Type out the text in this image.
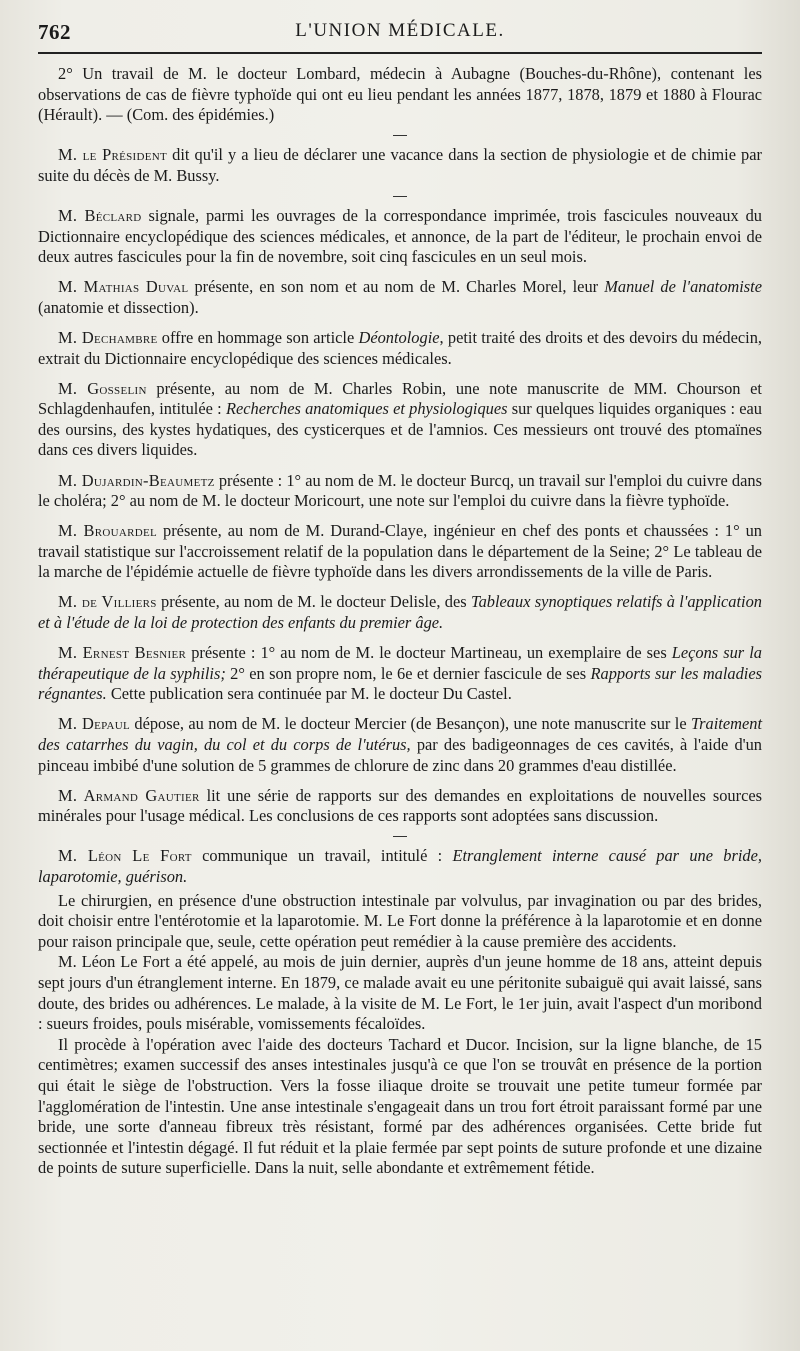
762	L'UNION MÉDICALE.

2° Un travail de M. le docteur Lombard, médecin à Aubagne (Bouches-du-Rhône), contenant les observations de cas de fièvre typhoïde qui ont eu lieu pendant les années 1877, 1878, 1879 et 1880 à Flourac (Hérault). — (Com. des épidémies.)

M. le Président dit qu'il y a lieu de déclarer une vacance dans la section de physiologie et de chimie par suite du décès de M. Bussy.

M. Béclard signale, parmi les ouvrages de la correspondance imprimée, trois fascicules nouveaux du Dictionnaire encyclopédique des sciences médicales, et annonce, de la part de l'éditeur, le prochain envoi de deux autres fascicules pour la fin de novembre, soit cinq fascicules en un seul mois.

M. Mathias Duval présente, en son nom et au nom de M. Charles Morel, leur Manuel de l'anatomiste (anatomie et dissection).

M. Dechambre offre en hommage son article Déontologie, petit traité des droits et des devoirs du médecin, extrait du Dictionnaire encyclopédique des sciences médicales.

M. Gosselin présente, au nom de M. Charles Robin, une note manuscrite de MM. Chourson et Schlagdenhaufen, intitulée : Recherches anatomiques et physiologiques sur quelques liquides organiques : eau des oursins, des kystes hydatiques, des cysticerques et de l'amnios. Ces messieurs ont trouvé des ptomaïnes dans ces divers liquides.

M. Dujardin-Beaumetz présente : 1° au nom de M. le docteur Burcq, un travail sur l'emploi du cuivre dans le choléra; 2° au nom de M. le docteur Moricourt, une note sur l'emploi du cuivre dans la fièvre typhoïde.

M. Brouardel présente, au nom de M. Durand-Claye, ingénieur en chef des ponts et chaussées : 1° un travail statistique sur l'accroissement relatif de la population dans le département de la Seine; 2° Le tableau de la marche de l'épidémie actuelle de fièvre typhoïde dans les divers arrondissements de la ville de Paris.

M. de Villiers présente, au nom de M. le docteur Delisle, des Tableaux synoptiques relatifs à l'application et à l'étude de la loi de protection des enfants du premier âge.

M. Ernest Besnier présente : 1° au nom de M. le docteur Martineau, un exemplaire de ses Leçons sur la thérapeutique de la syphilis; 2° en son propre nom, le 6e et dernier fascicule de ses Rapports sur les maladies régnantes. Cette publication sera continuée par M. le docteur Du Castel.

M. Depaul dépose, au nom de M. le docteur Mercier (de Besançon), une note manuscrite sur le Traitement des catarrhes du vagin, du col et du corps de l'utérus, par des badigeonnages de ces cavités, à l'aide d'un pinceau imbibé d'une solution de 5 grammes de chlorure de zinc dans 20 grammes d'eau distillée.

M. Armand Gautier lit une série de rapports sur des demandes en exploitations de nouvelles sources minérales pour l'usage médical. Les conclusions de ces rapports sont adoptées sans discussion.

M. Léon Le Fort communique un travail, intitulé : Etranglement interne causé par une bride, laparotomie, guérison.

Le chirurgien, en présence d'une obstruction intestinale par volvulus, par invagination ou par des brides, doit choisir entre l'entérotomie et la laparotomie. M. Le Fort donne la préférence à la laparotomie et en donne pour raison principale que, seule, cette opération peut remédier à la cause première des accidents.

M. Léon Le Fort a été appelé, au mois de juin dernier, auprès d'un jeune homme de 18 ans, atteint depuis sept jours d'un étranglement interne. En 1879, ce malade avait eu une péritonite subaiguë qui avait laissé, sans doute, des brides ou adhérences. Le malade, à la visite de M. Le Fort, le 1er juin, avait l'aspect d'un moribond : sueurs froides, pouls misérable, vomissements fécaloïdes.

Il procède à l'opération avec l'aide des docteurs Tachard et Ducor. Incision, sur la ligne blanche, de 15 centimètres; examen successif des anses intestinales jusqu'à ce que l'on se trouvât en présence de la portion qui était le siège de l'obstruction. Vers la fosse iliaque droite se trouvait une petite tumeur formée par l'agglomération de l'intestin. Une anse intestinale s'engageait dans un trou fort étroit paraissant formé par une bride, une sorte d'anneau fibreux très résistant, formé par des adhérences organisées. Cette bride fut sectionnée et l'intestin dégagé. Il fut réduit et la plaie fermée par sept points de suture profonde et une dizaine de points de suture superficielle. Dans la nuit, selle abondante et extrêmement fétide.
